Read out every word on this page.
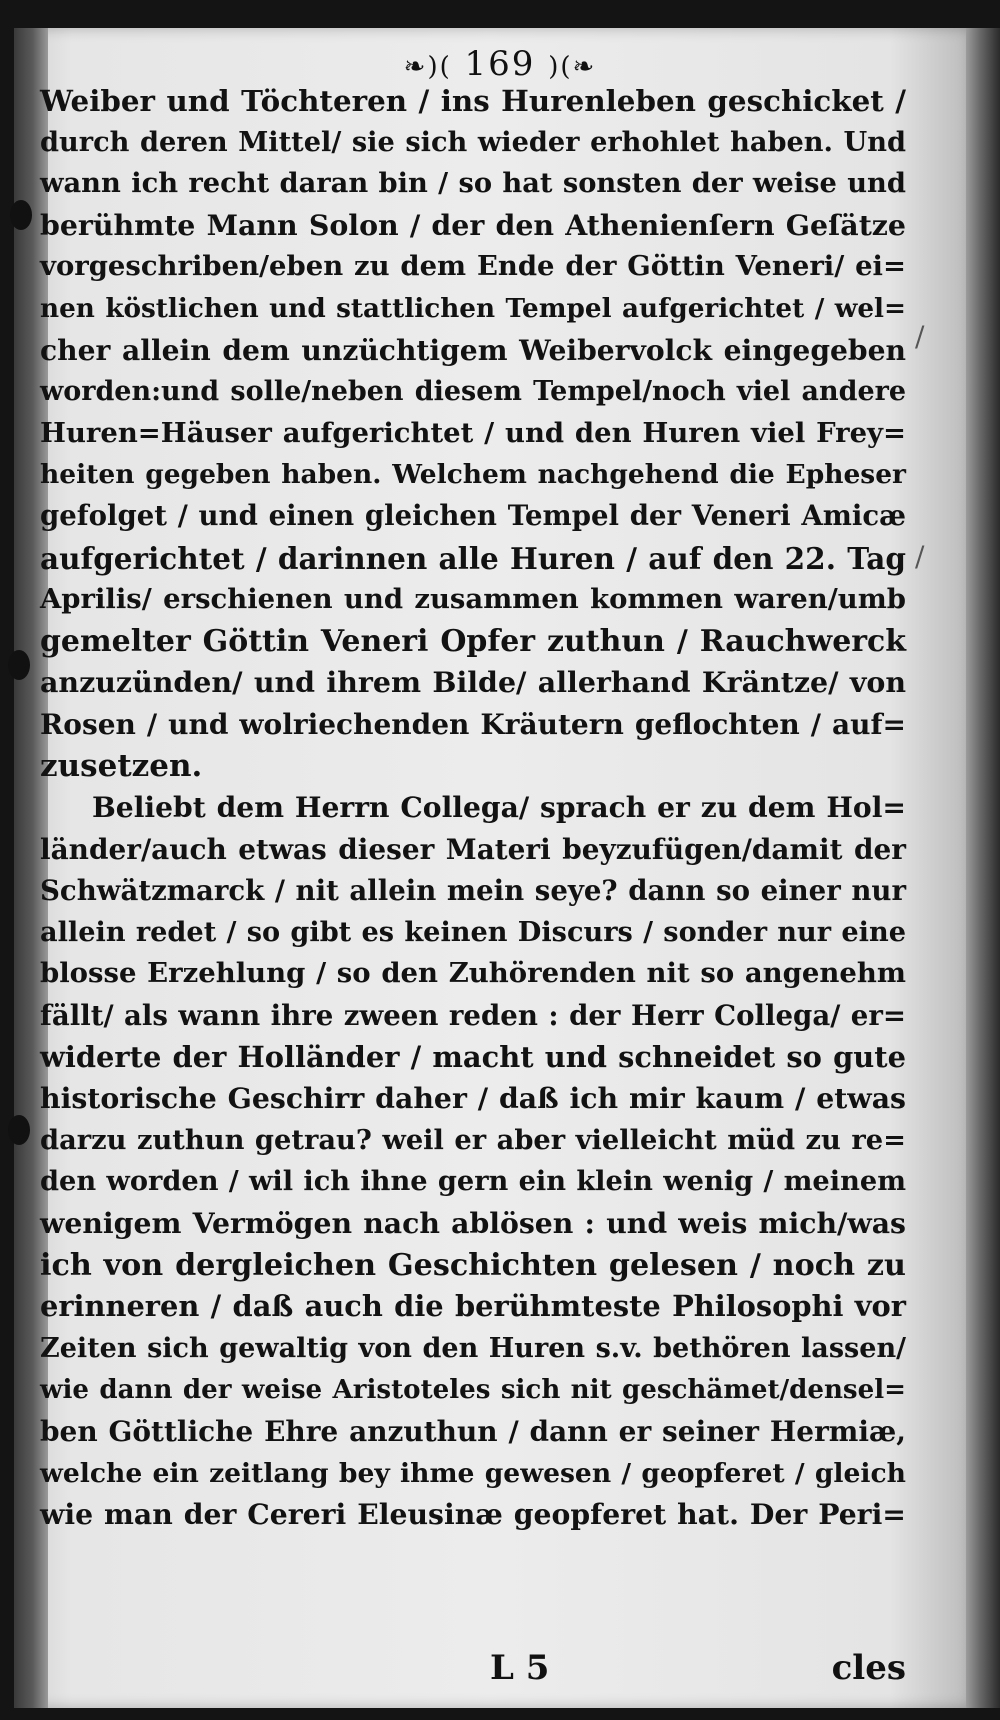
/
/
❧)( 169 )(❧
Weiber und Töchteren / ins Hurenleben geschicket /
durch deren Mittel/ sie sich wieder erhohlet haben. Und
wann ich recht daran bin / so hat sonsten der weise und
berühmte Mann Solon / der den Athenienſern Geſätze
vorgeschriben/eben zu dem Ende der Göttin Veneri/ ei=
nen köstlichen und stattlichen Tempel aufgerichtet / wel=
cher allein dem unzüchtigem Weibervolck eingegeben
worden:und solle/neben diesem Tempel/noch viel andere
Huren=Häuser aufgerichtet / und den Huren viel Frey=
heiten gegeben haben. Welchem nachgehend die Epheser
gefolget / und einen gleichen Tempel der Veneri Amicæ
aufgerichtet / darinnen alle Huren / auf den 22. Tag
Aprilis/ erschienen und zusammen kommen waren/umb
gemelter Göttin Veneri Opfer zuthun / Rauchwerck
anzuzünden/ und ihrem Bilde/ allerhand Kräntze/ von
Rosen / und wolriechenden Kräutern geflochten / auf=
zusetzen.
Beliebt dem Herrn Collega/ sprach er zu dem Hol=
länder/auch etwas dieser Materi beyzufügen/damit der
Schwätzmarck / nit allein mein seye? dann so einer nur
allein redet / so gibt es keinen Discurs / sonder nur eine
blosse Erzehlung / so den Zuhörenden nit so angenehm
fällt/ als wann ihre zween reden : der Herr Collega/ er=
widerte der Holländer / macht und schneidet so gute
historische Geschirr daher / daß ich mir kaum / etwas
darzu zuthun getrau? weil er aber vielleicht müd zu re=
den worden / wil ich ihne gern ein klein wenig / meinem
wenigem Vermögen nach ablösen : und weis mich/was
ich von dergleichen Geschichten gelesen / noch zu
erinneren / daß auch die berühmteste Philosophi vor
Zeiten sich gewaltig von den Huren s.v. bethören lassen/
wie dann der weise Aristoteles sich nit geschämet/densel=
ben Göttliche Ehre anzuthun / dann er seiner Hermiæ,
welche ein zeitlang bey ihme gewesen / geopferet / gleich
wie man der Cereri Eleusinæ geopferet hat. Der Peri=
L 5	cles
